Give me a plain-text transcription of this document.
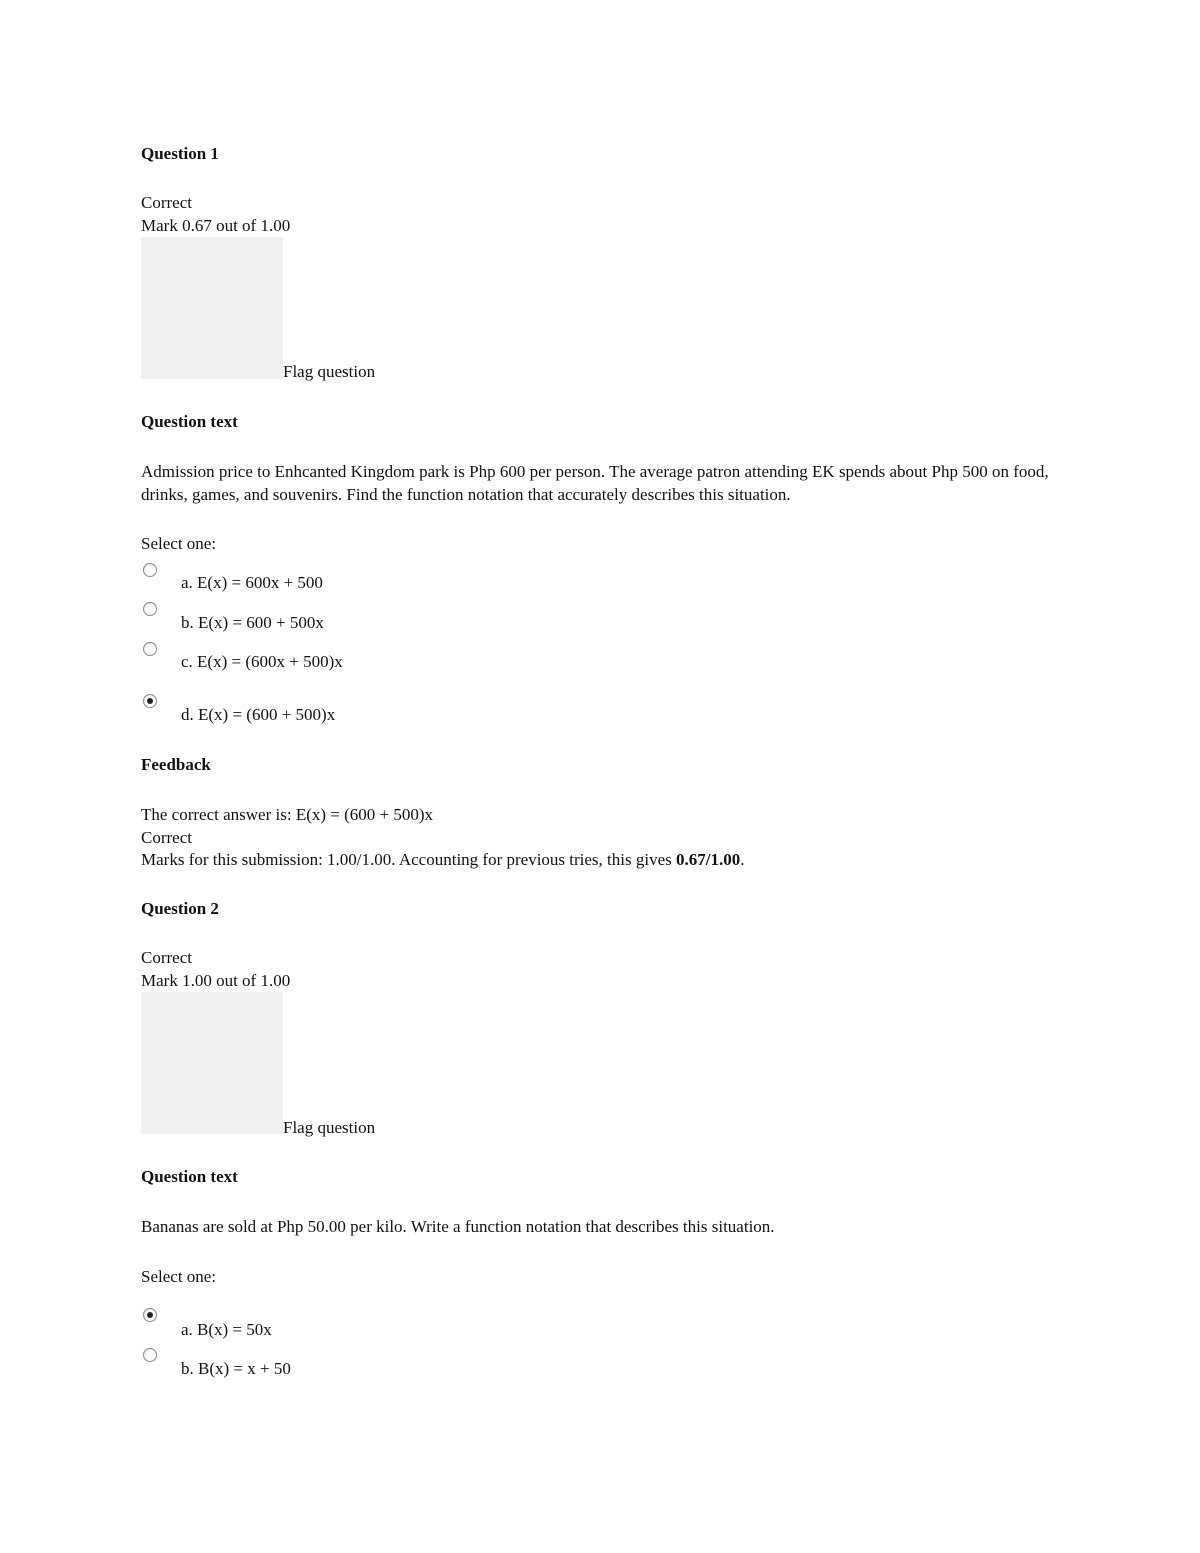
Question 1
Correct
Mark 0.67 out of 1.00
Flag question
Question text
Admission price to Enhcanted Kingdom park is Php 600 per person. The average patron attending EK spends about Php 500 on food, drinks, games, and souvenirs. Find the function notation that accurately describes this situation.
Select one:
a. E(x) = 600x + 500
b. E(x) = 600 + 500x
c. E(x) = (600x + 500)x
d. E(x) = (600 + 500)x
Feedback
The correct answer is: E(x) = (600 + 500)x
Correct
Marks for this submission: 1.00/1.00. Accounting for previous tries, this gives 0.67/1.00.
Question 2
Correct
Mark 1.00 out of 1.00
Flag question
Question text
Bananas are sold at Php 50.00 per kilo. Write a function notation that describes this situation.
Select one:
a. B(x) = 50x
b. B(x) = x + 50
